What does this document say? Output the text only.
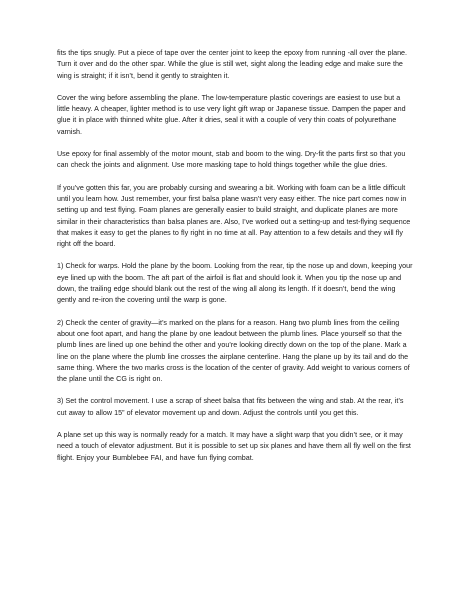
fits the tips snugly. Put a piece of tape over the center joint to keep the epoxy from running -all over the plane. Turn it over and do the other spar. While the glue is still wet, sight along the leading edge and make sure the wing is straight; if it isn’t, bend it gently to straighten it.

Cover the wing before assembling the plane. The low-temperature plastic coverings are easiest to use but a little heavy. A cheaper, lighter method is to use very light gift wrap or Japanese tissue. Dampen the paper and glue it in place with thinned white glue. After it dries, seal it with a couple of very thin coats of polyurethane varnish.

Use epoxy for final assembly of the motor mount, stab and boom to the wing. Dry-fit the parts first so that you can check the joints and alignment. Use more masking tape to hold things together while the glue dries.

If you’ve gotten this far, you are probably cursing and swearing a bit. Working with foam can be a little difficult until you learn how. Just remember, your first balsa plane wasn’t very easy either. The nice part comes now in setting up and test flying. Foam planes are generally easier to build straight, and duplicate planes are more similar in their characteristics than balsa planes are. Also, I’ve worked out a setting-up and test-flying sequence that makes it easy to get the planes to fly right in no time at all. Pay attention to a few details and they will fly right off the board.

1) Check for warps. Hold the plane by the boom. Looking from the rear, tip the nose up and down, keeping your eye lined up with the boom. The aft part of the airfoil is flat and should look it. When you tip the nose up and down, the trailing edge should blank out the rest of the wing all along its length. If it doesn’t, bend the wing gently and re-iron the covering until the warp is gone.

2) Check the center of gravity—it’s marked on the plans for a reason. Hang two plumb lines from the ceiling about one foot apart, and hang the plane by one leadout between the plumb lines. Place yourself so that the plumb lines are lined up one behind the other and you’re looking directly down on the top of the plane. Mark a line on the plane where the plumb line crosses the airplane centerline. Hang the plane up by its tail and do the same thing. Where the two marks cross is the location of the center of gravity. Add weight to various corners of the plane until the CG is right on.

3) Set the control movement. I use a scrap of sheet balsa that fits between the wing and stab. At the rear, it’s cut away to allow 15” of elevator movement up and down. Adjust the controls until you get this.

A plane set up this way is normally ready for a match. It may have a slight warp that you didn’t see, or it may need a touch of elevator adjustment. But it is possible to set up six planes and have them all fly well on the first flight. Enjoy your Bumblebee FAI, and have fun flying combat.
